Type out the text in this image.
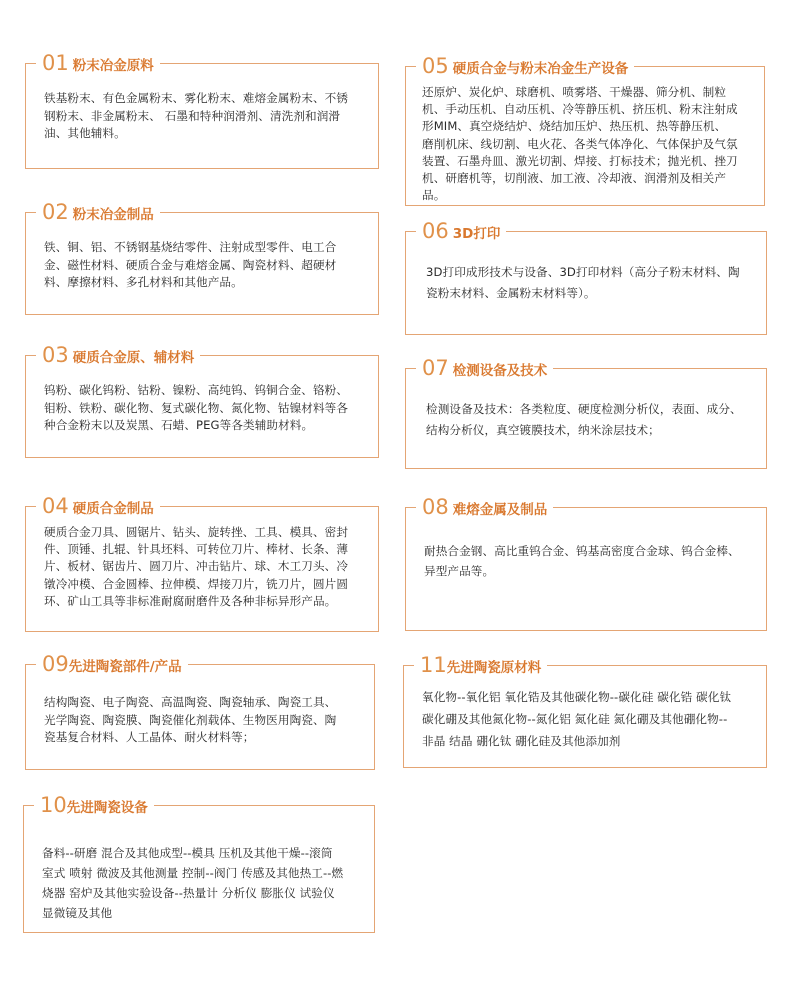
01 粉末冶金原料
铁基粉末、有色金属粉末、雾化粉末、难熔金属粉末、不锈
钢粉末、非金属粉末、 石墨和特种润滑剂、清洗剂和润滑
油、其他辅料。
02 粉末冶金制品
铁、铜、铝、不锈钢基烧结零件、注射成型零件、电工合
金、磁性材料、硬质合金与难熔金属、陶瓷材料、超硬材
料、摩擦材料、多孔材料和其他产品。
03 硬质合金原、辅材料
钨粉、碳化钨粉、钴粉、镍粉、高纯钨、钨铜合金、铬粉、
钼粉、铁粉、碳化物、复式碳化物、氮化物、钴镍材料等各
种合金粉末以及炭黑、石蜡、PEG等各类辅助材料。
04 硬质合金制品
硬质合金刀具、圆锯片、钻头、旋转挫、工具、模具、密封
件、顶锤、扎辊、针具坯料、可转位刀片、棒材、长条、薄
片、板材、锯齿片、圆刀片、冲击钻片、球、木工刀头、冷
镦冷冲模、合金圆棒、拉伸模、焊接刀片，铣刀片，圆片圆
环、矿山工具等非标准耐腐耐磨件及各种非标异形产品。
05 硬质合金与粉末冶金生产设备
还原炉、炭化炉、球磨机、喷雾塔、干燥器、筛分机、制粒
机、手动压机、自动压机、冷等静压机、挤压机、粉末注射成
形MIM、真空烧结炉、烧结加压炉、热压机、热等静压机、
磨削机床、线切割、电火花、各类气体净化、气体保护及气氛
装置、石墨舟皿、激光切割、焊接、打标技术；抛光机、挫刀
机、研磨机等，切削液、加工液、冷却液、润滑剂及相关产
品。
06 3D打印
3D打印成形技术与设备、3D打印材料（高分子粉末材料、陶
瓷粉末材料、金属粉末材料等）。
07 检测设备及技术
检测设备及技术：各类粒度、硬度检测分析仪，表面、成分、
结构分析仪，真空镀膜技术，纳米涂层技术；
08 难熔金属及制品
耐热合金钢、高比重钨合金、钨基高密度合金球、钨合金棒、
异型产品等。
09 先进陶瓷部件/产品
结构陶瓷、电子陶瓷、高温陶瓷、陶瓷轴承、陶瓷工具、
光学陶瓷、陶瓷膜、陶瓷催化剂载体、生物医用陶瓷、陶
瓷基复合材料、人工晶体、耐火材料等；
11 先进陶瓷原材料
氧化物--氧化铝 氧化锆及其他碳化物--碳化硅 碳化锆 碳化钛
碳化硼及其他氮化物--氮化铝 氮化硅 氮化硼及其他硼化物--
非晶 结晶 硼化钛 硼化硅及其他添加剂
10 先进陶瓷设备
备料--研磨 混合及其他成型--模具 压机及其他干燥--滚筒
室式 喷射 微波及其他测量 控制--阀门 传感及其他热工--燃
烧器 窑炉及其他实验设备--热量计 分析仪 膨胀仪 试验仪
显微镜及其他
